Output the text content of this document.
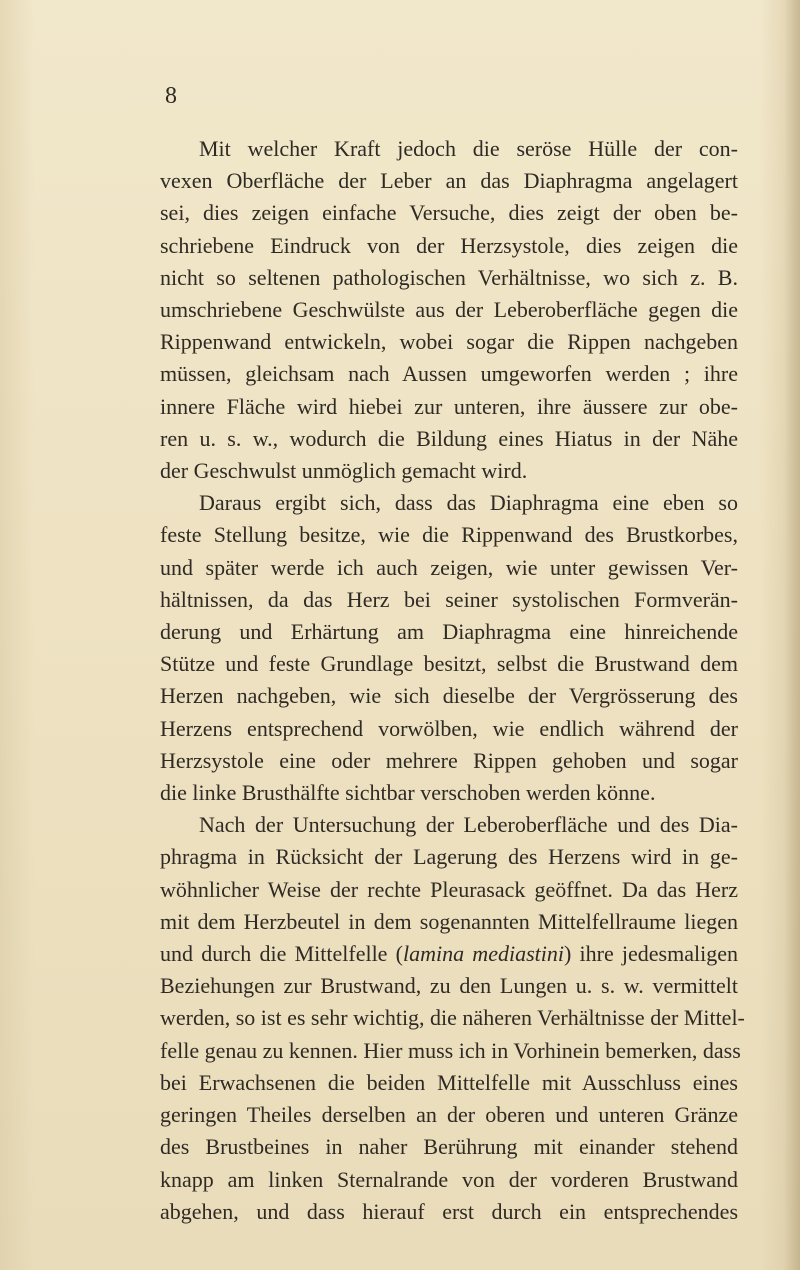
8
Mit welcher Kraft jedoch die seröse Hülle der con-
vexen Oberfläche der Leber an das Diaphragma angelagert
sei, dies zeigen einfache Versuche, dies zeigt der oben be-
schriebene Eindruck von der Herzsystole, dies zeigen die
nicht so seltenen pathologischen Verhältnisse, wo sich z. B.
umschriebene Geschwülste aus der Leberoberfläche gegen die
Rippenwand entwickeln, wobei sogar die Rippen nachgeben
müssen, gleichsam nach Aussen umgeworfen werden ; ihre
innere Fläche wird hiebei zur unteren, ihre äussere zur obe-
ren u. s. w., wodurch die Bildung eines Hiatus in der Nähe
der Geschwulst unmöglich gemacht wird.
Daraus ergibt sich, dass das Diaphragma eine eben so
feste Stellung besitze, wie die Rippenwand des Brustkorbes,
und später werde ich auch zeigen, wie unter gewissen Ver-
hältnissen, da das Herz bei seiner systolischen Formverän-
derung und Erhärtung am Diaphragma eine hinreichende
Stütze und feste Grundlage besitzt, selbst die Brustwand dem
Herzen nachgeben, wie sich dieselbe der Vergrösserung des
Herzens entsprechend vorwölben, wie endlich während der
Herzsystole eine oder mehrere Rippen gehoben und sogar
die linke Brusthälfte sichtbar verschoben werden könne.
Nach der Untersuchung der Leberoberfläche und des Dia-
phragma in Rücksicht der Lagerung des Herzens wird in ge-
wöhnlicher Weise der rechte Pleurasack geöffnet. Da das Herz
mit dem Herzbeutel in dem sogenannten Mittelfellraume liegen
und durch die Mittelfelle (lamina mediastini) ihre jedesmaligen
Beziehungen zur Brustwand, zu den Lungen u. s. w. vermittelt
werden, so ist es sehr wichtig, die näheren Verhältnisse der Mittel-
felle genau zu kennen. Hier muss ich in Vorhinein bemerken, dass
bei Erwachsenen die beiden Mittelfelle mit Ausschluss eines
geringen Theiles derselben an der oberen und unteren Gränze
des Brustbeines in naher Berührung mit einander stehend
knapp am linken Sternalrande von der vorderen Brustwand
abgehen, und dass hierauf erst durch ein entsprechendes
